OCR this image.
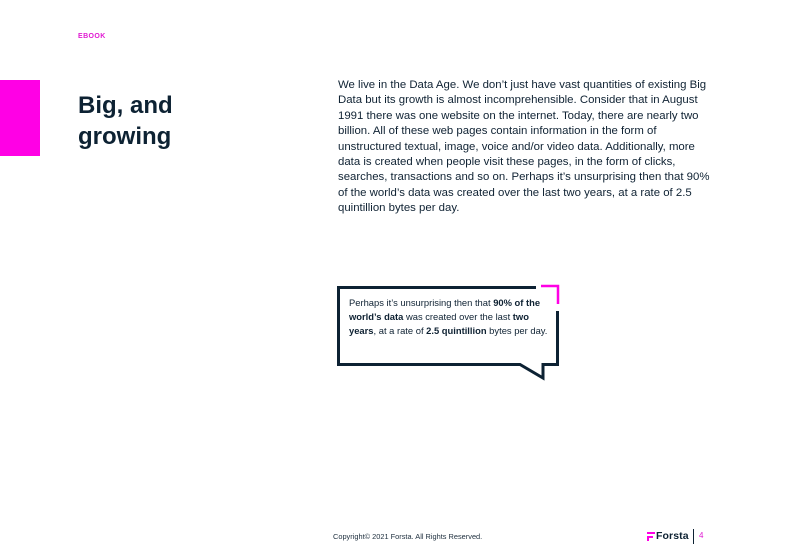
EBOOK
Big, and
growing

We live in the Data Age. We don’t just have vast quantities of existing Big Data but its growth is almost incomprehensible. Consider that in August 1991 there was one website on the internet. Today, there are nearly two billion. All of these web pages contain information in the form of unstructured textual, image, voice and/or video data. Additionally, more data is created when people visit these pages, in the form of clicks, searches, transactions and so on. Perhaps it’s unsurprising then that 90% of the world’s data was created over the last two years, at a rate of 2.5 quintillion bytes per day.

Perhaps it’s unsurprising then that 90% of the world’s data was created over the last two years, at a rate of 2.5 quintillion bytes per day.

Copyright© 2021 Forsta. All Rights Reserved.	Forsta 4
